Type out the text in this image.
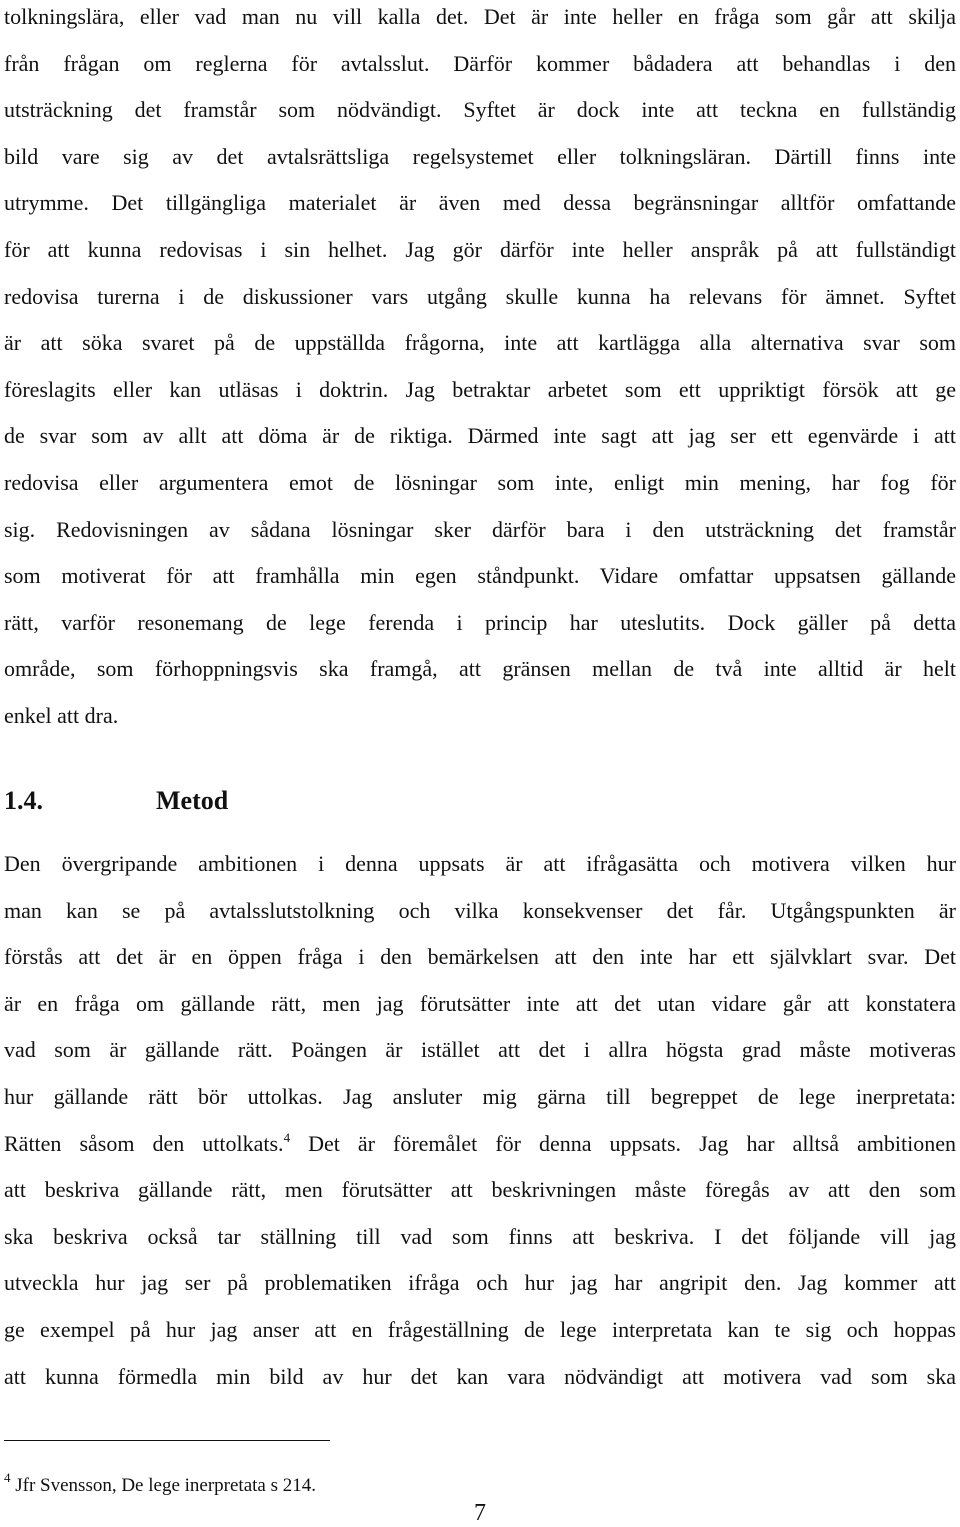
tolkningslära, eller vad man nu vill kalla det. Det är inte heller en fråga som går att skilja
från frågan om reglerna för avtalsslut. Därför kommer bådadera att behandlas i den
utsträckning det framstår som nödvändigt. Syftet är dock inte att teckna en fullständig
bild vare sig av det avtalsrättsliga regelsystemet eller tolkningsläran. Därtill finns inte
utrymme. Det tillgängliga materialet är även med dessa begränsningar alltför omfattande
för att kunna redovisas i sin helhet. Jag gör därför inte heller anspråk på att fullständigt
redovisa turerna i de diskussioner vars utgång skulle kunna ha relevans för ämnet. Syftet
är att söka svaret på de uppställda frågorna, inte att kartlägga alla alternativa svar som
föreslagits eller kan utläsas i doktrin. Jag betraktar arbetet som ett uppriktigt försök att ge
de svar som av allt att döma är de riktiga. Därmed inte sagt att jag ser ett egenvärde i att
redovisa eller argumentera emot de lösningar som inte, enligt min mening, har fog för
sig. Redovisningen av sådana lösningar sker därför bara i den utsträckning det framstår
som motiverat för att framhålla min egen ståndpunkt. Vidare omfattar uppsatsen gällande
rätt, varför resonemang de lege ferenda i princip har uteslutits. Dock gäller på detta
område, som förhoppningsvis ska framgå, att gränsen mellan de två inte alltid är helt
enkel att dra.
1.4.	Metod
Den övergripande ambitionen i denna uppsats är att ifrågasätta och motivera vilken hur
man kan se på avtalsslutstolkning och vilka konsekvenser det får. Utgångspunkten är
förstås att det är en öppen fråga i den bemärkelsen att den inte har ett självklart svar. Det
är en fråga om gällande rätt, men jag förutsätter inte att det utan vidare går att konstatera
vad som är gällande rätt. Poängen är istället att det i allra högsta grad måste motiveras
hur gällande rätt bör uttolkas. Jag ansluter mig gärna till begreppet de lege inerpretata:
Rätten såsom den uttolkats.$^4$ Det är föremålet för denna uppsats. Jag har alltså ambitionen
att beskriva gällande rätt, men förutsätter att beskrivningen måste föregås av att den som
ska beskriva också tar ställning till vad som finns att beskriva. I det följande vill jag
utveckla hur jag ser på problematiken ifråga och hur jag har angripit den. Jag kommer att
ge exempel på hur jag anser att en frågeställning de lege interpretata kan te sig och hoppas
att kunna förmedla min bild av hur det kan vara nödvändigt att motivera vad som ska
$^4$ Jfr Svensson, De lege inerpretata s 214.
7
